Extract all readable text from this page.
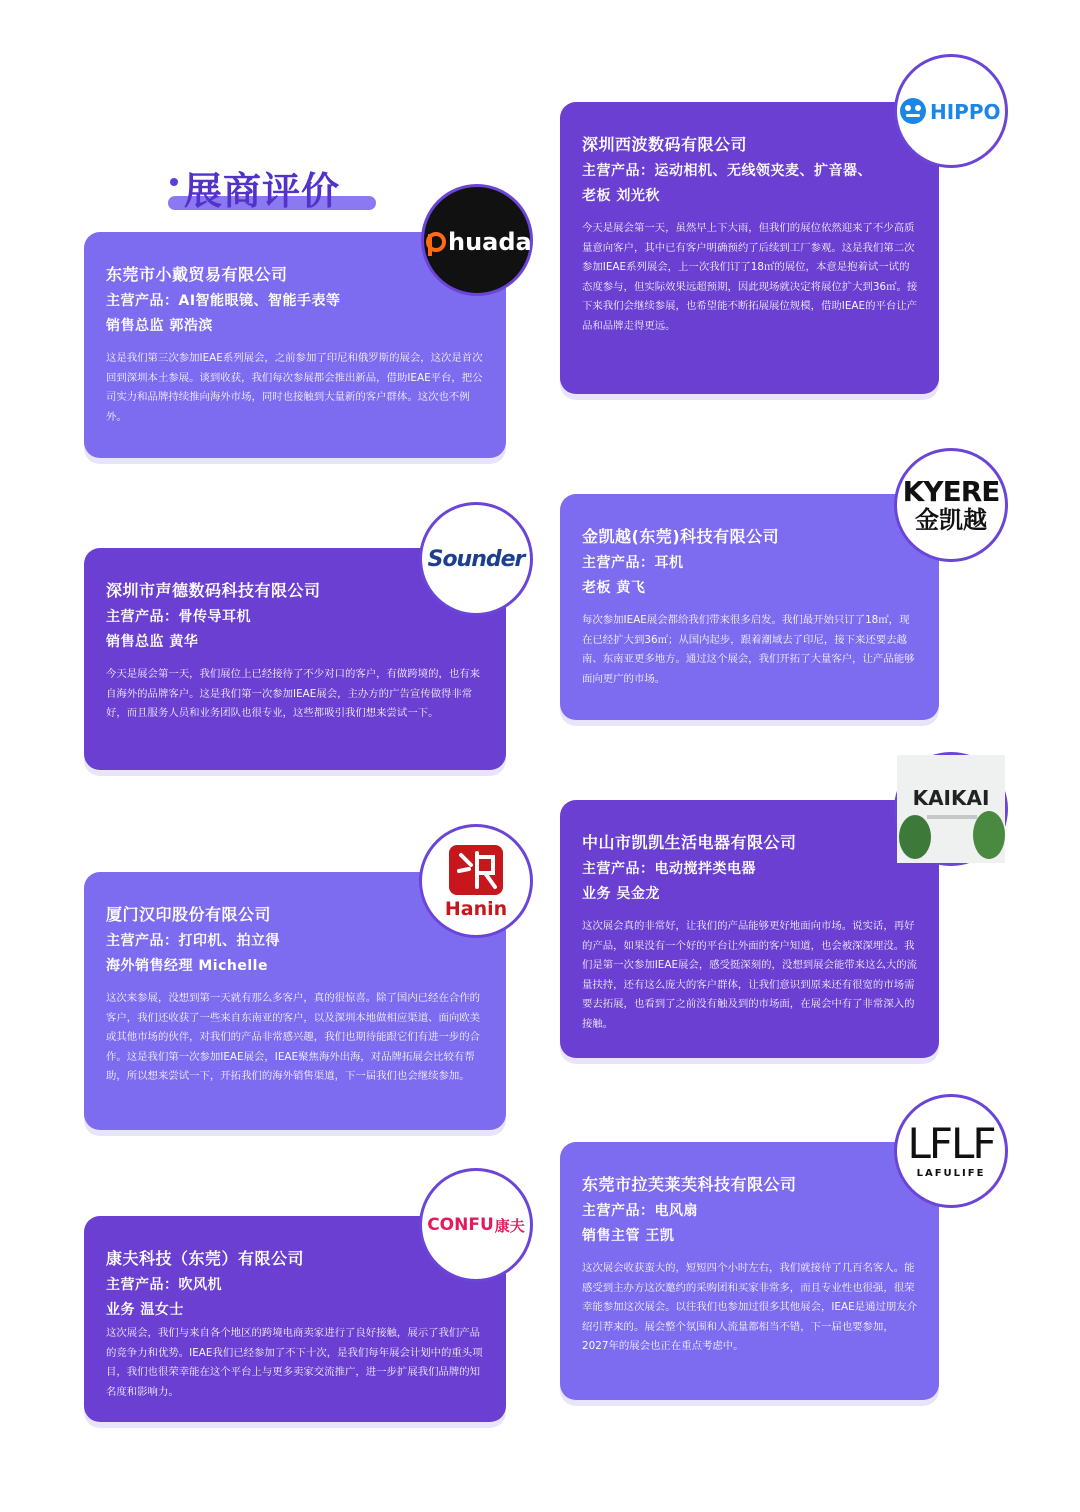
展商评价
东莞市小戴贸易有限公司
主营产品：AI智能眼镜、智能手表等
销售总监 郭浩滨
这是我们第三次参加IEAE系列展会，之前参加了印尼和俄罗斯的展会，这次是首次回到深圳本土参展。谈到收获，我们每次参展都会推出新品，借助IEAE平台，把公司实力和品牌持续推向海外市场，同时也接触到大量新的客户群体。这次也不例外。
huadai
深圳西波数码有限公司
主营产品：运动相机、无线领夹麦、扩音器、
老板 刘光秋
今天是展会第一天，虽然早上下大雨，但我们的展位依然迎来了不少高质量意向客户，其中已有客户明确预约了后续到工厂参观。这是我们第二次参加IEAE系列展会，上一次我们订了18㎡的展位，本意是抱着试一试的态度参与，但实际效果远超预期，因此现场就决定将展位扩大到36㎡。接下来我们会继续参展，也希望能不断拓展展位规模，借助IEAE的平台让产品和品牌走得更远。
HIPPO
深圳市声德数码科技有限公司
主营产品：骨传导耳机
销售总监 黄华
今天是展会第一天，我们展位上已经接待了不少对口的客户，有做跨境的，也有来自海外的品牌客户。这是我们第一次参加IEAE展会，主办方的广告宣传做得非常好，而且服务人员和业务团队也很专业，这些都吸引我们想来尝试一下。
Sounder
金凯越(东莞)科技有限公司
主营产品：耳机
老板 黄飞
每次参加IEAE展会都给我们带来很多启发。我们最开始只订了18㎡，现在已经扩大到36㎡；从国内起步，跟着潮域去了印尼，接下来还要去越南、东南亚更多地方。通过这个展会，我们开拓了大量客户，让产品能够面向更广的市场。
KYERE
金凯越
中山市凯凯生活电器有限公司
主营产品：电动搅拌类电器
业务 吴金龙
这次展会真的非常好，让我们的产品能够更好地面向市场。说实话，再好的产品，如果没有一个好的平台让外面的客户知道，也会被深深埋没。我们是第一次参加IEAE展会，感受挺深刻的，没想到展会能带来这么大的流量扶持，还有这么庞大的客户群体，让我们意识到原来还有很宽的市场需要去拓展，也看到了之前没有触及到的市场面，在展会中有了非常深入的接触。
KAIKAI
厦门汉印股份有限公司
主营产品：打印机、拍立得
海外销售经理 Michelle
这次来参展，没想到第一天就有那么多客户，真的很惊喜。除了国内已经在合作的客户，我们还收获了一些来自东南亚的客户，以及深圳本地做相应渠道、面向欧美或其他市场的伙伴，对我们的产品非常感兴趣，我们也期待能跟它们有进一步的合作。这是我们第一次参加IEAE展会，IEAE聚焦海外出海，对品牌拓展会比较有帮助，所以想来尝试一下，开拓我们的海外销售渠道，下一届我们也会继续参加。
Hanin
东莞市拉芙莱芙科技有限公司
主营产品：电风扇
销售主管 王凯
这次展会收获蛮大的，短短四个小时左右，我们就接待了几百名客人。能感受到主办方这次邀约的采购团和买家非常多，而且专业性也很强，很荣幸能参加这次展会。以往我们也参加过很多其他展会，IEAE是通过朋友介绍引荐来的。展会整个氛围和人流量都相当不错，下一届也要参加，2027年的展会也正在重点考虑中。
LFLF
LAFULIFE
康夫科技（东莞）有限公司
主营产品：吹风机
业务 温女士
这次展会，我们与来自各个地区的跨境电商卖家进行了良好接触，展示了我们产品的竞争力和优势。IEAE我们已经参加了不下十次，是我们每年展会计划中的重头项目，我们也很荣幸能在这个平台上与更多卖家交流推广，进一步扩展我们品牌的知名度和影响力。
CONFU 康夫
